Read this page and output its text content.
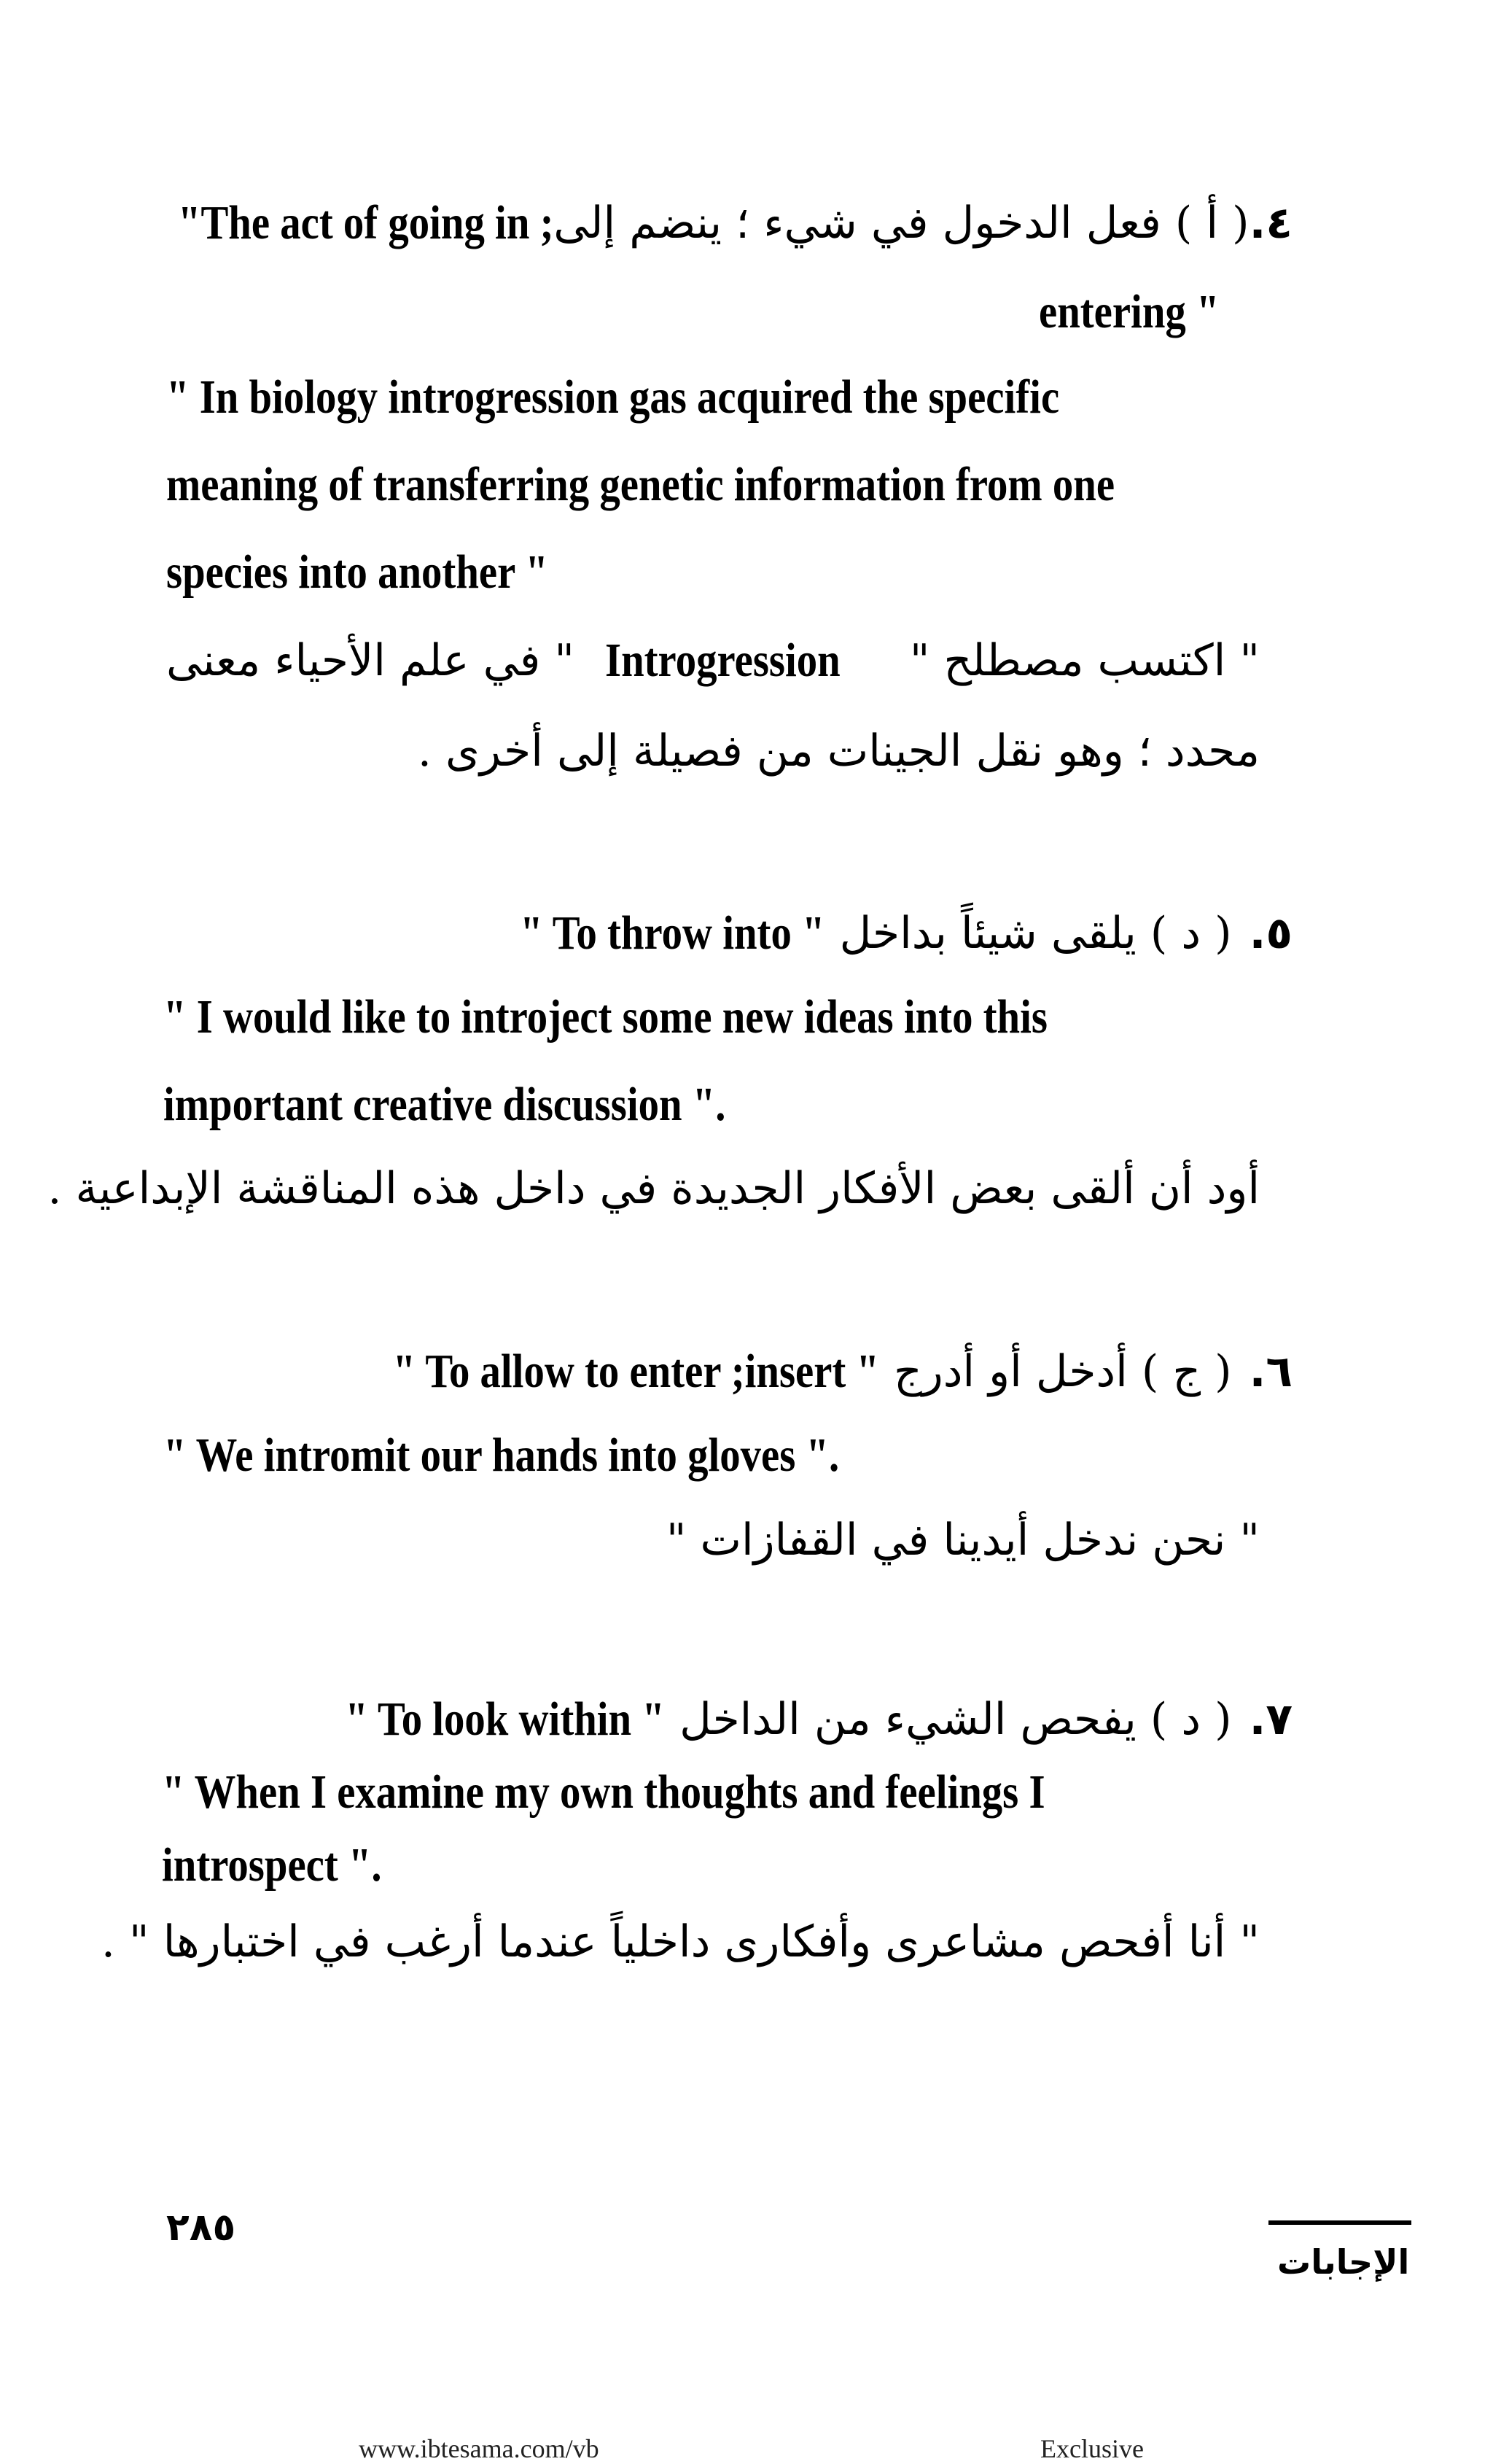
"The act of going in ; ( أ ) فعل الدخول في شيء ؛ ينضم إلى .٤
entering "
" In biology introgression gas acquired the specific
meaning of transferring genetic information from one
species into another "
" اكتسب مصطلح "
Introgression
" في علم الأحياء معنى
محدد ؛ وهو نقل الجينات من فصيلة إلى أخرى .
" To throw into " ( د ) يلقى شيئاً بداخل .٥
" I would like to introject some new ideas into this
important creative discussion ".
أود أن ألقى بعض الأفكار الجديدة في داخل هذه المناقشة الإبداعية .
" To allow to enter ;insert " ( ج ) أدخل أو أدرج .٦
" We intromit our hands into gloves ".
" نحن ندخل أيدينا في القفازات "
" To look within " ( د ) يفحص الشيء من الداخل .٧
" When I examine my own thoughts and feelings I
introspect ".
" أنا أفحص مشاعرى وأفكارى داخلياً عندما أرغب في اختبارها " .
٢٨٥
الإجابات
www.ibtesama.com/vb	Exclusive
